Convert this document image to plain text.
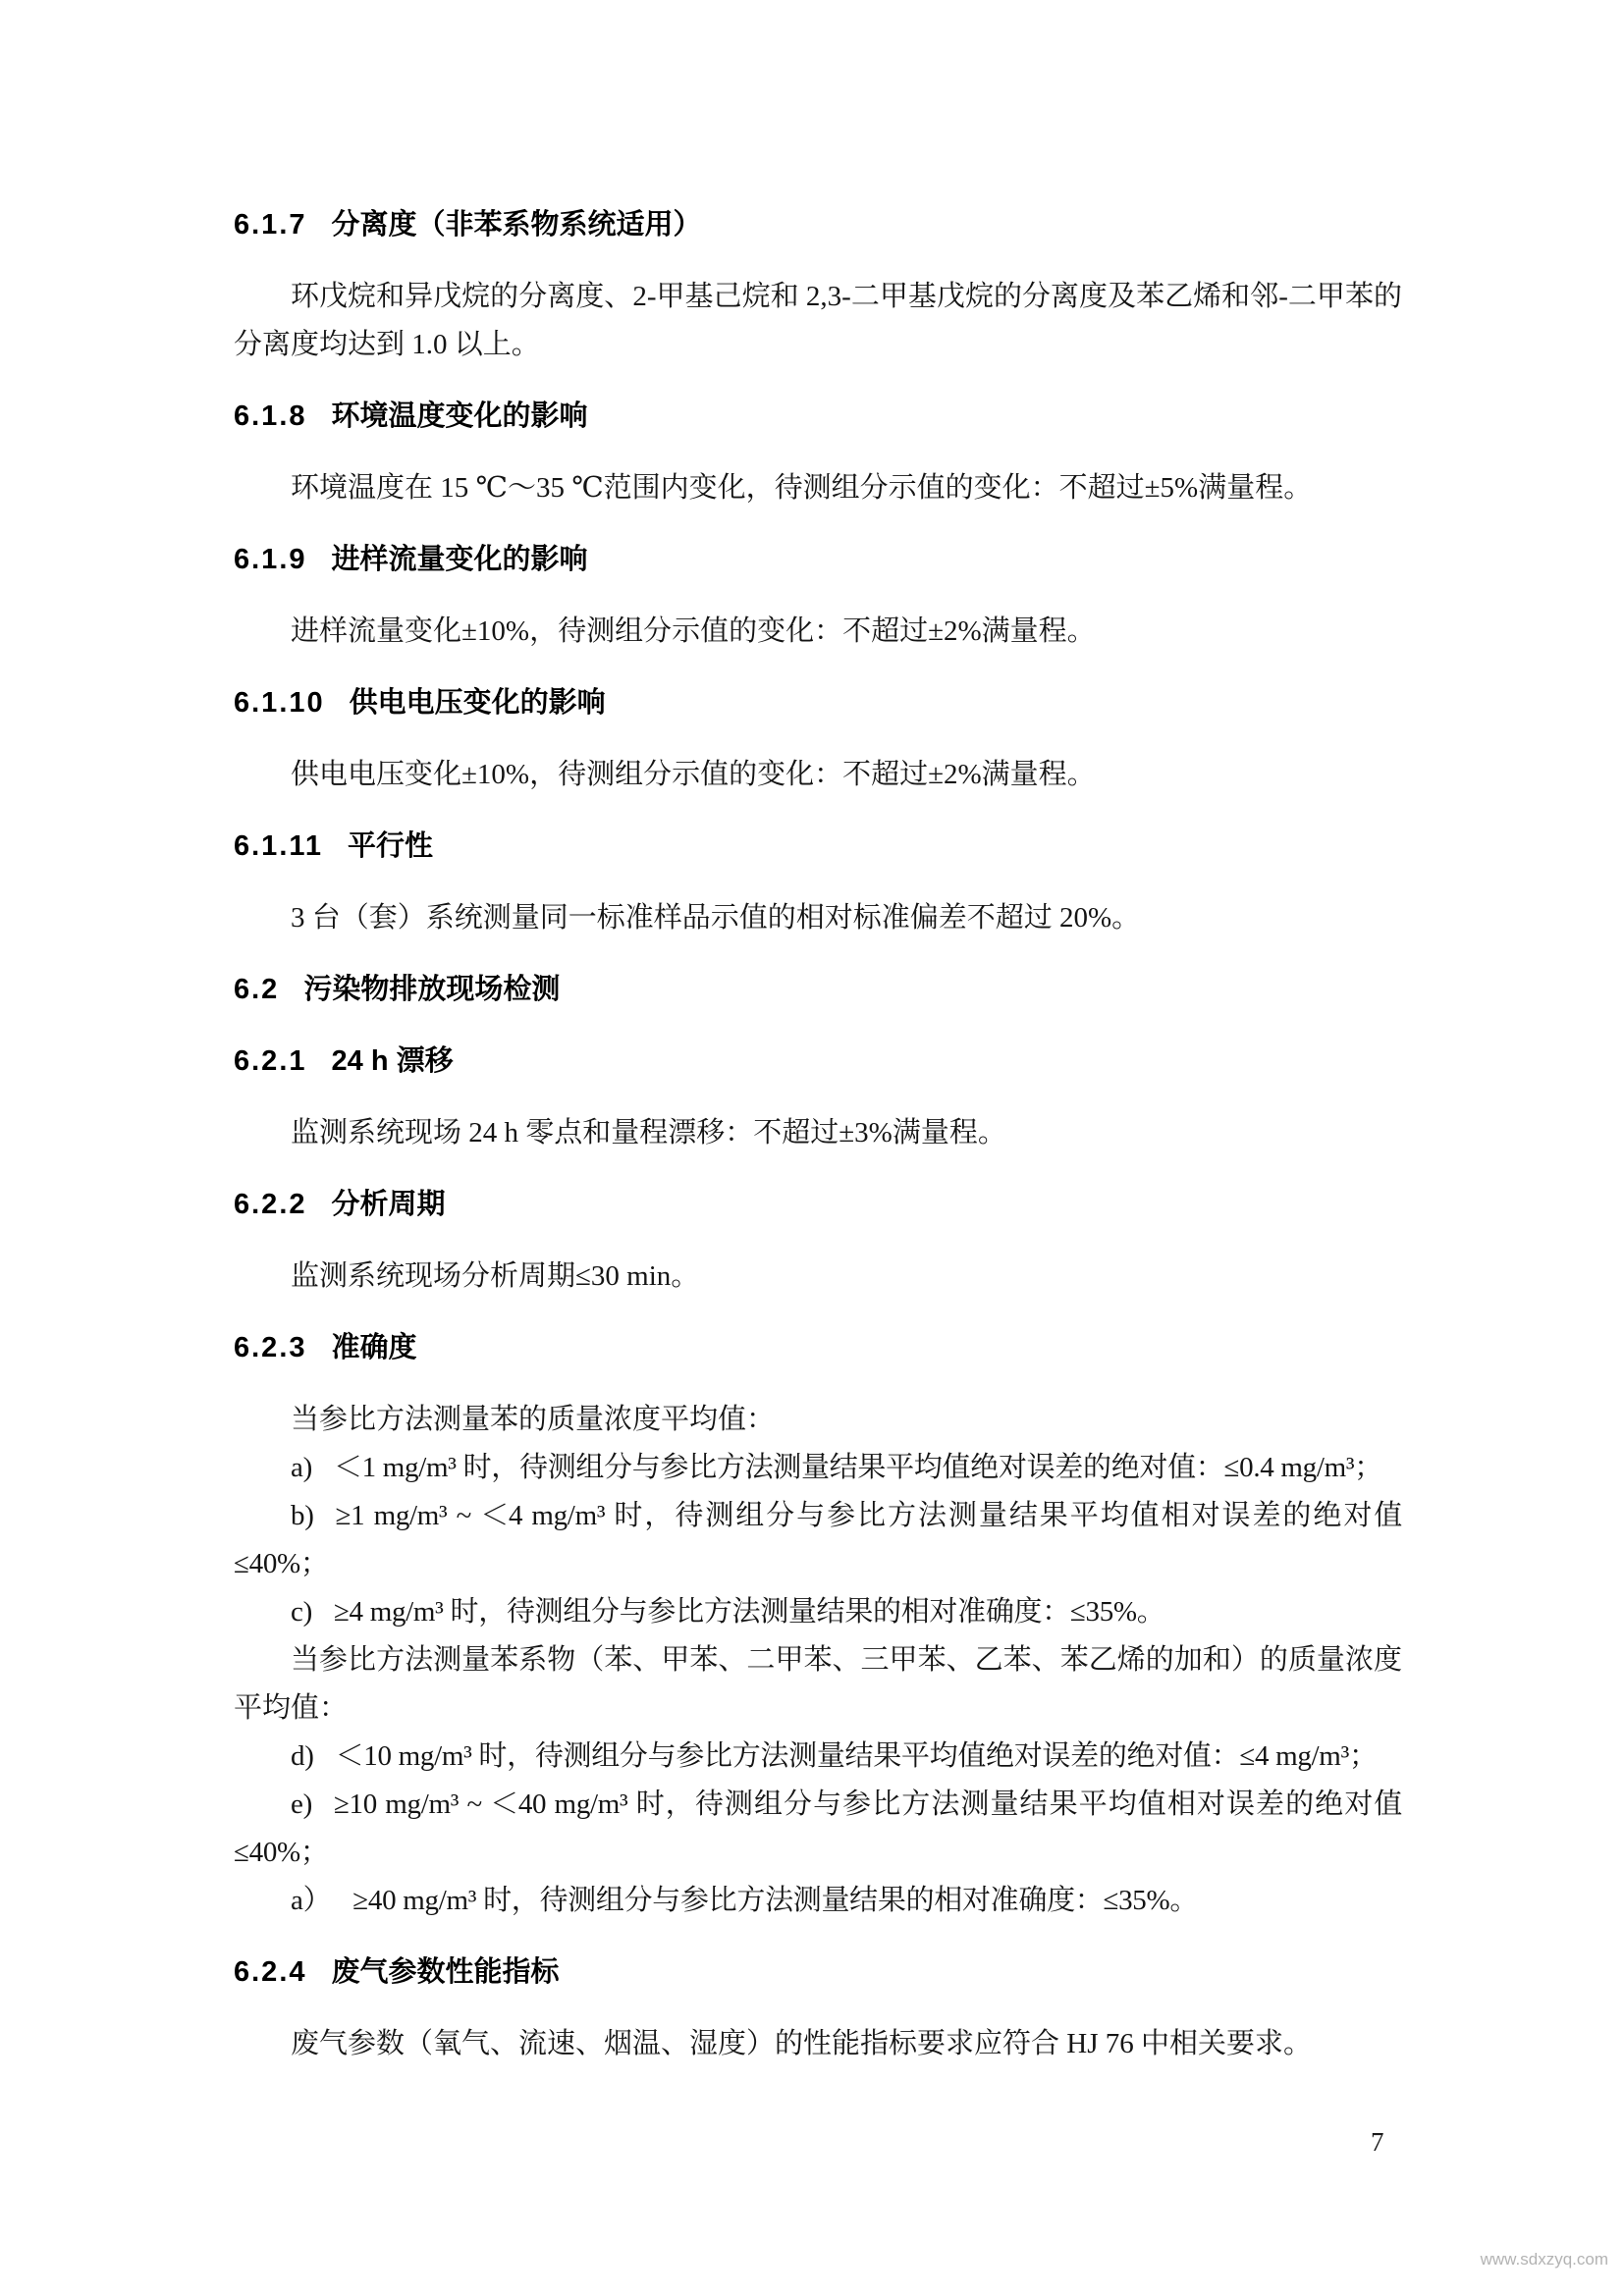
6.1.7 分离度（非苯系物系统适用）

环戊烷和异戊烷的分离度、2-甲基己烷和 2,3-二甲基戊烷的分离度及苯乙烯和邻-二甲苯的分离度均达到 1.0 以上。

6.1.8 环境温度变化的影响

环境温度在 15 ℃～35 ℃范围内变化，待测组分示值的变化：不超过±5%满量程。

6.1.9 进样流量变化的影响

进样流量变化±10%，待测组分示值的变化：不超过±2%满量程。

6.1.10 供电电压变化的影响

供电电压变化±10%，待测组分示值的变化：不超过±2%满量程。

6.1.11 平行性

3 台（套）系统测量同一标准样品示值的相对标准偏差不超过 20%。

6.2 污染物排放现场检测
6.2.1 24 h 漂移

监测系统现场 24 h 零点和量程漂移：不超过±3%满量程。

6.2.2 分析周期

监测系统现场分析周期≤30 min。

6.2.3 准确度

当参比方法测量苯的质量浓度平均值：

a) ＜1 mg/m³ 时，待测组分与参比方法测量结果平均值绝对误差的绝对值：≤0.4 mg/m³；

b) ≥1 mg/m³ ~ ＜4 mg/m³ 时，待测组分与参比方法测量结果平均值相对误差的绝对值≤40%；

c) ≥4 mg/m³ 时，待测组分与参比方法测量结果的相对准确度：≤35%。

当参比方法测量苯系物（苯、甲苯、二甲苯、三甲苯、乙苯、苯乙烯的加和）的质量浓度平均值：

d) ＜10 mg/m³ 时，待测组分与参比方法测量结果平均值绝对误差的绝对值：≤4 mg/m³；

e) ≥10 mg/m³ ~ ＜40 mg/m³ 时，待测组分与参比方法测量结果平均值相对误差的绝对值≤40%；

a） ≥40 mg/m³ 时，待测组分与参比方法测量结果的相对准确度：≤35%。

6.2.4 废气参数性能指标

废气参数（氧气、流速、烟温、湿度）的性能指标要求应符合 HJ 76 中相关要求。

7
www.sdxzyq.com
